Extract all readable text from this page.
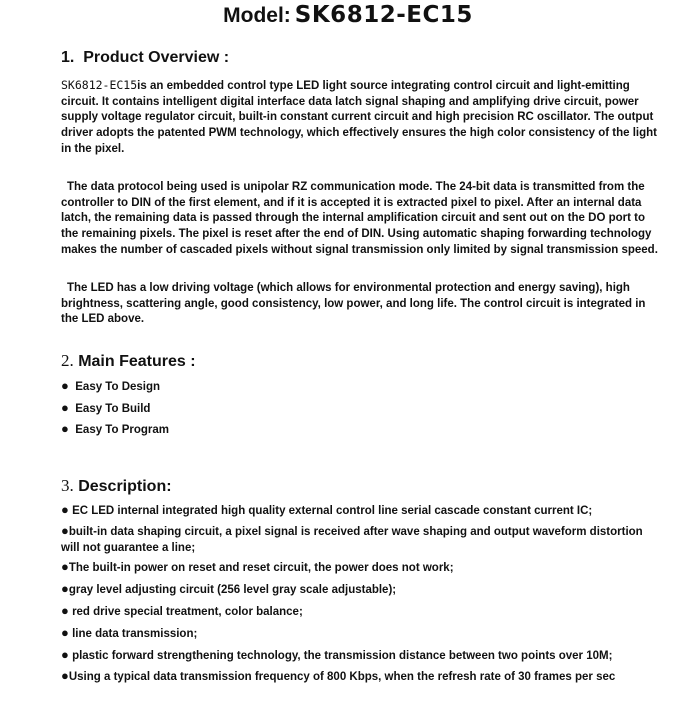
Model: SK6812-EC15
1. Product Overview :
SK6812-EC15is an embedded control type LED light source integrating control circuit and light-emitting circuit. It contains intelligent digital interface data latch signal shaping and amplifying drive circuit, power supply voltage regulator circuit, built-in constant current circuit and high precision RC oscillator. The output driver adopts the patented PWM technology, which effectively ensures the high color consistency of the light in the pixel.
The data protocol being used is unipolar RZ communication mode. The 24-bit data is transmitted from the controller to DIN of the first element, and if it is accepted it is extracted pixel to pixel. After an internal data latch, the remaining data is passed through the internal amplification circuit and sent out on the DO port to the remaining pixels. The pixel is reset after the end of DIN. Using automatic shaping forwarding technology makes the number of cascaded pixels without signal transmission only limited by signal transmission speed.
The LED has a low driving voltage (which allows for environmental protection and energy saving), high brightness, scattering angle, good consistency, low power, and long life. The control circuit is integrated in the LED above.
2. Main Features :
● Easy To Design
● Easy To Build
● Easy To Program
3. Description:
● EC LED internal integrated high quality external control line serial cascade constant current IC;
●built-in data shaping circuit, a pixel signal is received after wave shaping and output waveform distortion will not guarantee a line;
●The built-in power on reset and reset circuit, the power does not work;
●gray level adjusting circuit (256 level gray scale adjustable);
● red drive special treatment, color balance;
● line data transmission;
● plastic forward strengthening technology, the transmission distance between two points over 10M;
●Using a typical data transmission frequency of 800 Kbps, when the refresh rate of 30 frames per sec
